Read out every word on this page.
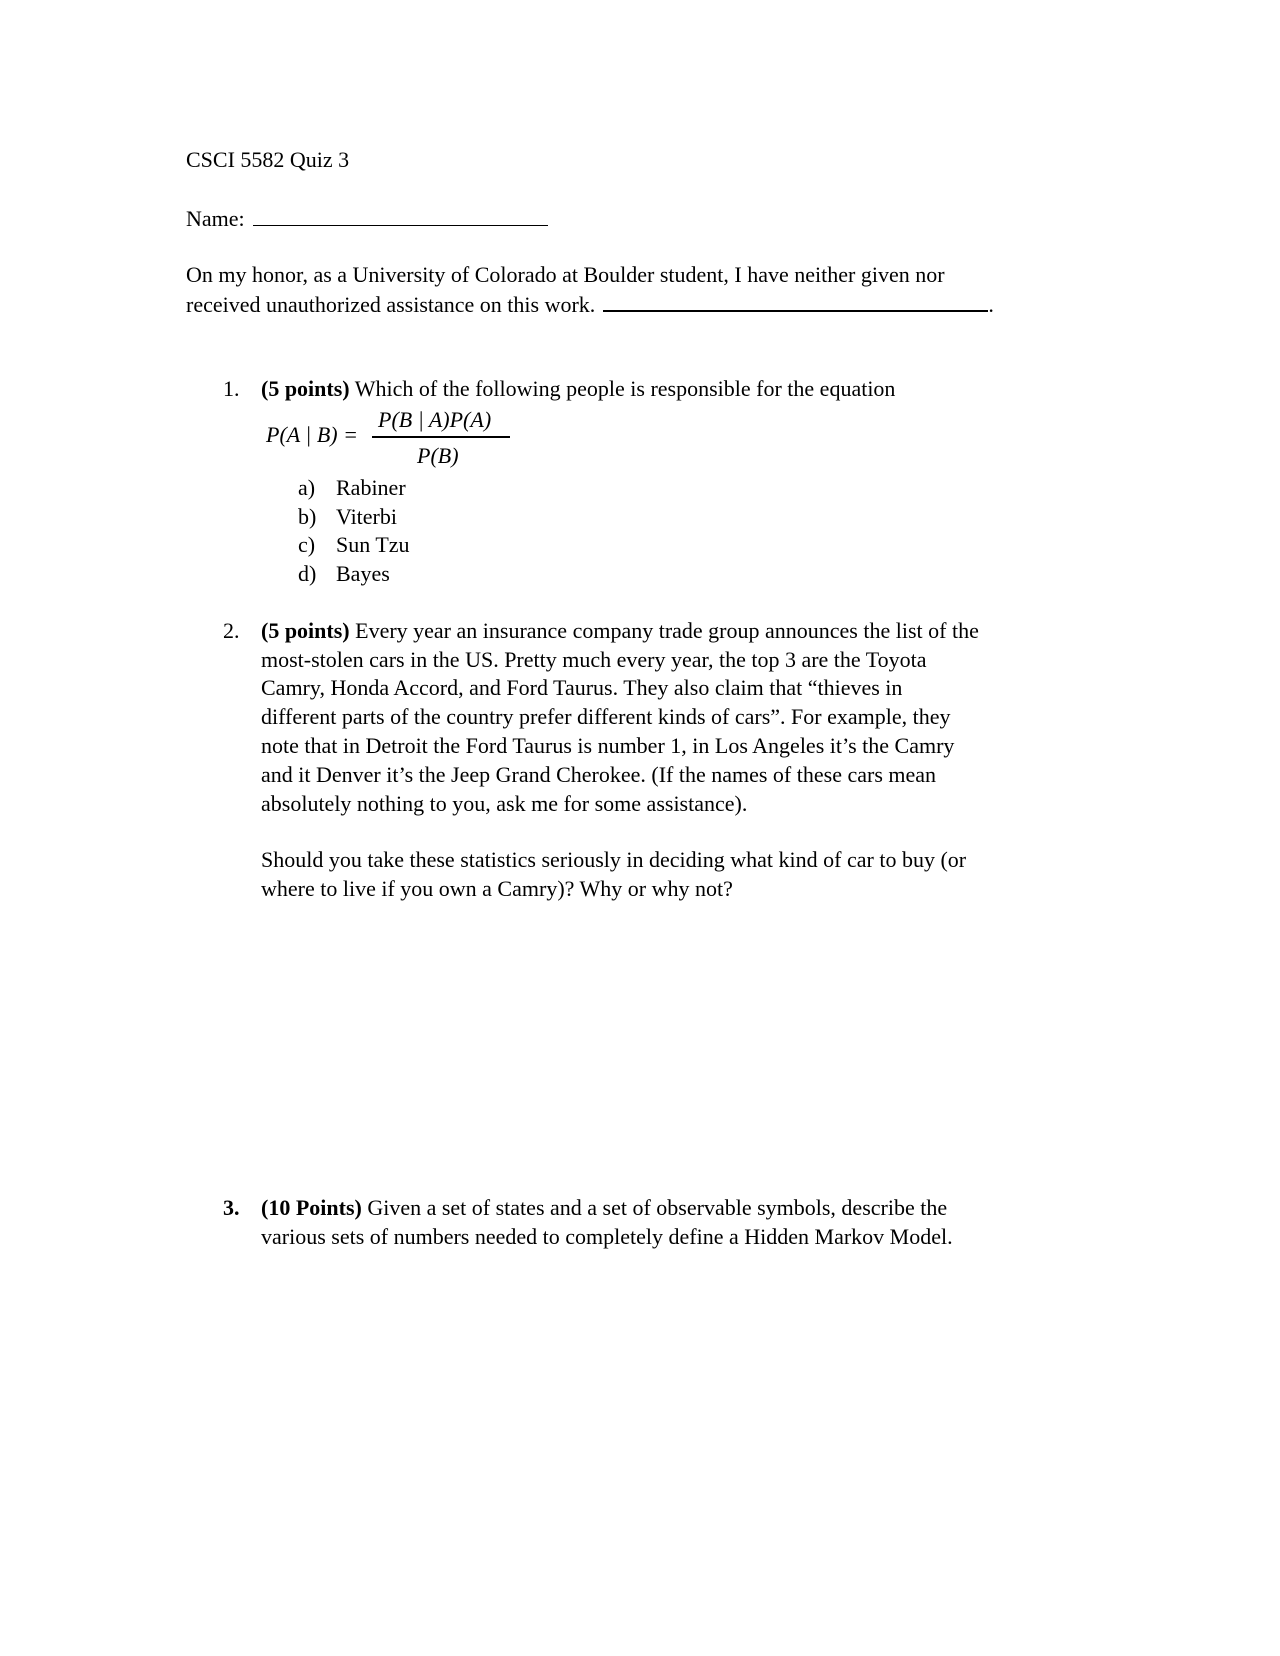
CSCI 5582 Quiz 3
Name:
On my honor, as a University of Colorado at Boulder student, I have neither given nor
received unauthorized assistance on this work.	.
1. (5 points) Which of the following people is responsible for the equation
P(A | B) =
P(B | A)P(A)
P(B)
a) Rabiner
b) Viterbi
c) Sun Tzu
d) Bayes
2. (5 points) Every year an insurance company trade group announces the list of the
most-stolen cars in the US. Pretty much every year, the top 3 are the Toyota
Camry, Honda Accord, and Ford Taurus. They also claim that “thieves in
different parts of the country prefer different kinds of cars”. For example, they
note that in Detroit the Ford Taurus is number 1, in Los Angeles it’s the Camry
and it Denver it’s the Jeep Grand Cherokee. (If the names of these cars mean
absolutely nothing to you, ask me for some assistance).
Should you take these statistics seriously in deciding what kind of car to buy (or
where to live if you own a Camry)? Why or why not?
3. (10 Points) Given a set of states and a set of observable symbols, describe the
various sets of numbers needed to completely define a Hidden Markov Model.
